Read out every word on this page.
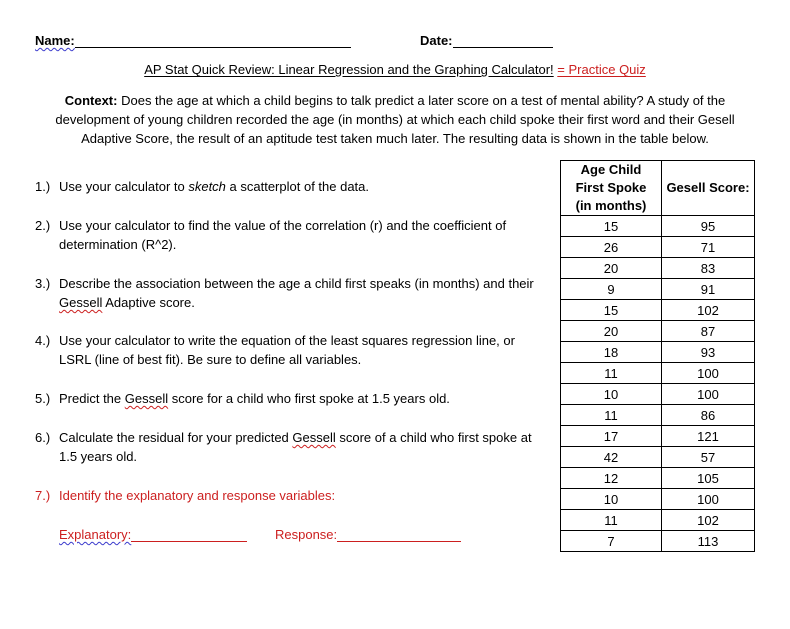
Name:	Date:
AP Stat Quick Review: Linear Regression and the Graphing Calculator! = Practice Quiz
Context: Does the age at which a child begins to talk predict a later score on a test of mental ability? A study of the development of young children recorded the age (in months) at which each child spoke their first word and their Gesell Adaptive Score, the result of an aptitude test taken much later. The resulting data is shown in the table below.
1.) Use your calculator to sketch a scatterplot of the data.
2.) Use your calculator to find the value of the correlation (r) and the coefficient of determination (R^2).
3.) Describe the association between the age a child first speaks (in months) and their Gessell Adaptive score.
4.) Use your calculator to write the equation of the least squares regression line, or LSRL (line of best fit). Be sure to define all variables.
5.) Predict the Gessell score for a child who first spoke at 1.5 years old.
6.) Calculate the residual for your predicted Gessell score of a child who first spoke at 1.5 years old.
7.) Identify the explanatory and response variables:
Explanatory:	Response:
Age Child
First Spoke
(in months)	Gesell Score:
15	95
26	71
20	83
9	91
15	102
20	87
18	93
11	100
10	100
11	86
17	121
42	57
12	105
10	100
11	102
7	113
